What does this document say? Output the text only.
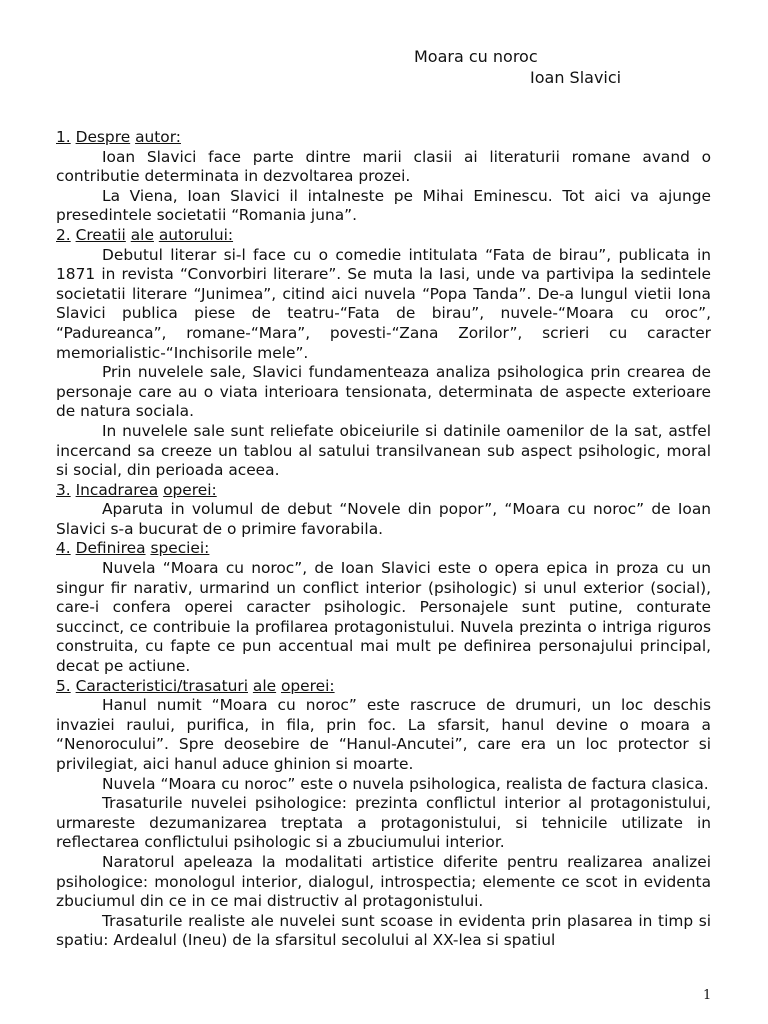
Moara cu noroc
Ioan Slavici
1. Despre autor:

Ioan Slavici face parte dintre marii clasii ai literaturii romane avand o contributie determinata in dezvoltarea prozei.

La Viena, Ioan Slavici il intalneste pe Mihai Eminescu. Tot aici va ajunge presedintele societatii “Romania juna”.

2. Creatii ale autorului:

Debutul literar si-l face cu o comedie intitulata “Fata de birau”, publicata in 1871 in revista “Convorbiri literare”. Se muta la Iasi, unde va partivipa la sedintele societatii literare “Junimea”, citind aici nuvela “Popa Tanda”. De-a lungul vietii Iona Slavici publica piese de teatru-“Fata de birau”, nuvele-“Moara cu oroc”, “Padureanca”, romane-“Mara”, povesti-“Zana Zorilor”, scrieri cu caracter memorialistic-“Inchisorile mele”.

Prin nuvelele sale, Slavici fundamenteaza analiza psihologica prin crearea de personaje care au o viata interioara tensionata, determinata de aspecte exterioare de natura sociala.

In nuvelele sale sunt reliefate obiceiurile si datinile oamenilor de la sat, astfel incercand sa creeze un tablou al satului transilvanean sub aspect psihologic, moral si social, din perioada aceea.

3. Incadrarea operei:

Aparuta in volumul de debut “Novele din popor”, “Moara cu noroc” de Ioan Slavici s-a bucurat de o primire favorabila.

4. Definirea speciei:

Nuvela “Moara cu noroc”, de Ioan Slavici este o opera epica in proza cu un singur fir narativ, urmarind un conflict interior (psihologic) si unul exterior (social), care-i confera operei caracter psihologic. Personajele sunt putine, conturate succinct, ce contribuie la profilarea protagonistului. Nuvela prezinta o intriga riguros construita, cu fapte ce pun accentual mai mult pe definirea personajului principal, decat pe actiune.

5. Caracteristici/trasaturi ale operei:

Hanul numit “Moara cu noroc” este rascruce de drumuri, un loc deschis invaziei raului, purifica, in fila, prin foc. La sfarsit, hanul devine o moara a “Nenorocului”. Spre deosebire de “Hanul-Ancutei”, care era un loc protector si privilegiat, aici hanul aduce ghinion si moarte.

Nuvela “Moara cu noroc” este o nuvela psihologica, realista de factura clasica.

Trasaturile nuvelei psihologice: prezinta conflictul interior al protagonistului, urmareste dezumanizarea treptata a protagonistului, si tehnicile utilizate in reflectarea conflictului psihologic si a zbuciumului interior.

Naratorul apeleaza la modalitati artistice diferite pentru realizarea analizei psihologice: monologul interior, dialogul, introspectia; elemente ce scot in evidenta zbuciumul din ce in ce mai distructiv al protagonistului.

Trasaturile realiste ale nuvelei sunt scoase in evidenta prin plasarea in timp si spatiu: Ardealul (Ineu) de la sfarsitul secolului al XX-lea si spatiul

1
